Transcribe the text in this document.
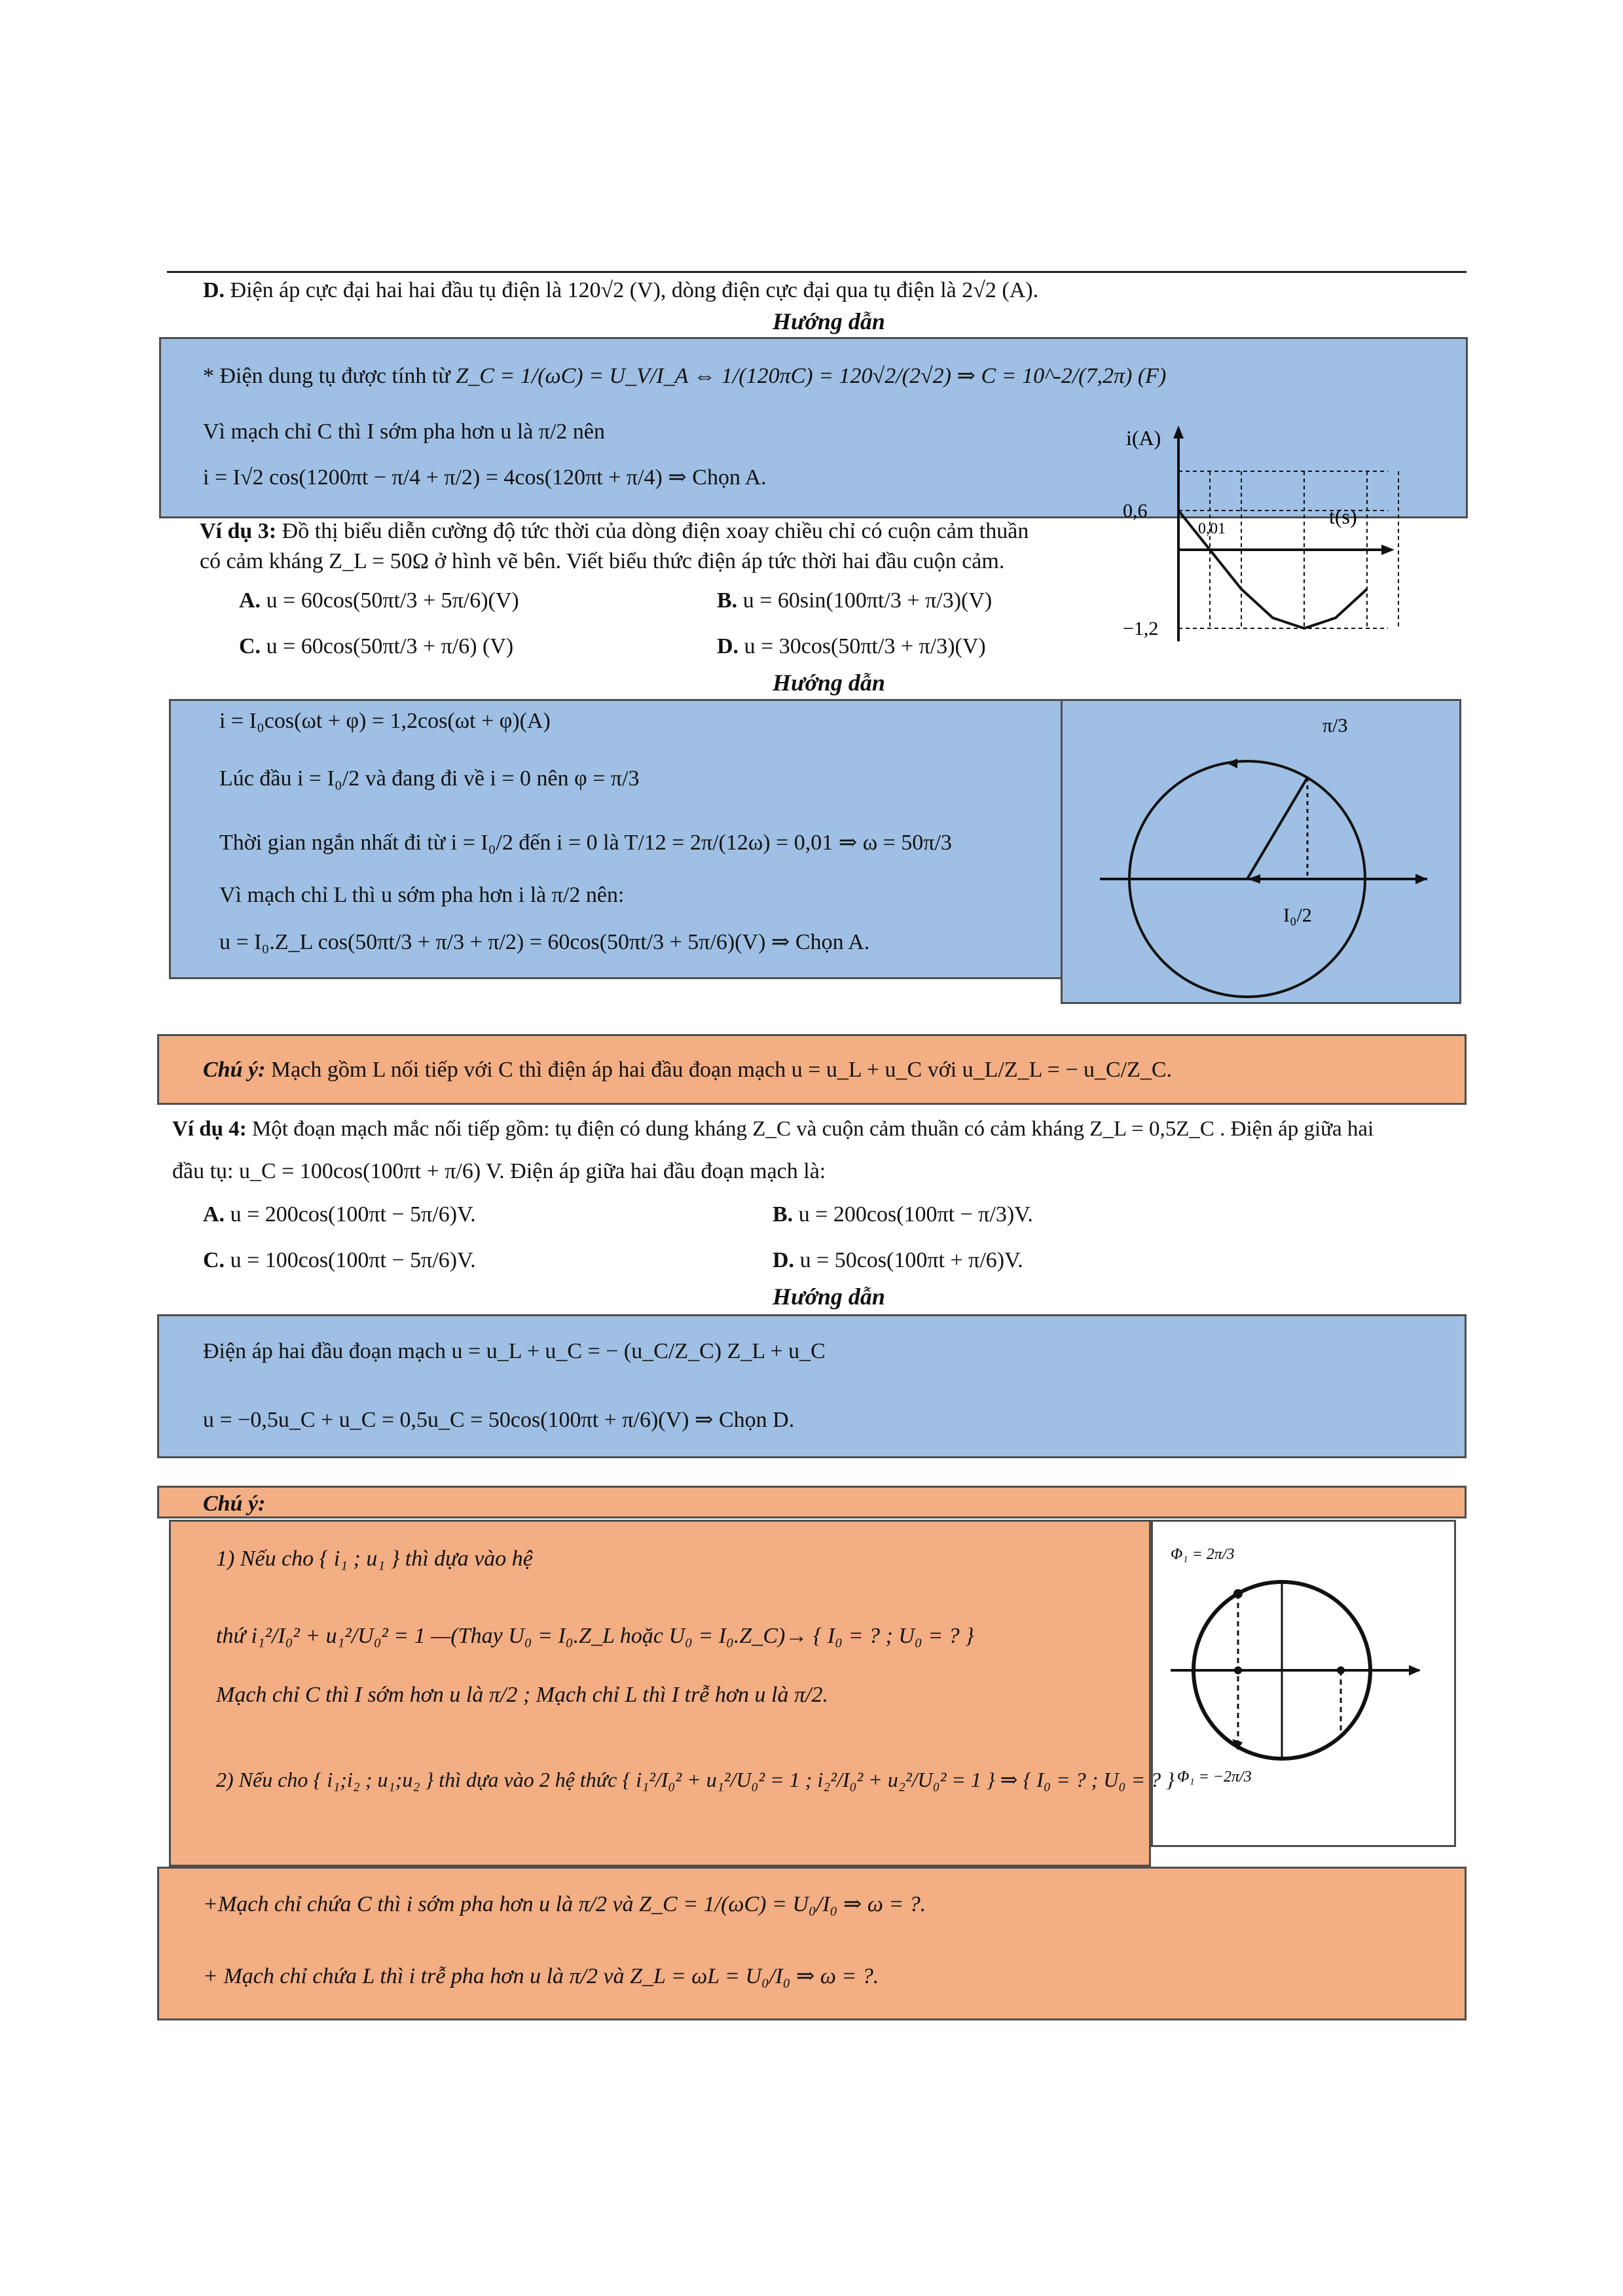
D. Điện áp cực đại hai hai đầu tụ điện là 120√2 (V), dòng điện cực đại qua tụ điện là 2√2 (A).
Hướng dẫn
* Điện dung tụ được tính từ Z_C = 1/(ωC) = U_V/I_A ⇔ 1/(120πC) = 120√2/(2√2) ⇒ C = 10^-2/(7,2π) (F)
Vì mạch chỉ C thì I sớm pha hơn u là π/2 nên
i = I√2 cos(1200πt − π/4 + π/2) = 4cos(120πt + π/4) ⇒ Chọn A.
Ví dụ 3: Đồ thị biểu diễn cường độ tức thời của dòng điện xoay chiều chỉ có cuộn cảm thuần
có cảm kháng Z_L = 50Ω ở hình vẽ bên. Viết biểu thức điện áp tức thời hai đầu cuộn cảm.
A. u = 60cos(50πt/3 + 5π/6)(V)	B. u = 60sin(100πt/3 + π/3)(V)
C. u = 60cos(50πt/3 + π/6) (V)	D. u = 30cos(50πt/3 + π/3)(V)
Hướng dẫn
0,6
−1,2
0,01
i(A)
t(s)
i = I₀cos(ωt + φ) = 1,2cos(ωt + φ)(A)
Lúc đầu i = I₀/2 và đang đi về i = 0 nên φ = π/3
Thời gian ngắn nhất đi từ i = I₀/2 đến i = 0 là T/12 = 2π/(12ω) = 0,01 ⇒ ω = 50π/3
Vì mạch chỉ L thì u sớm pha hơn i là π/2 nên:
u = I₀.Z_L cos(50πt/3 + π/3 + π/2) = 60cos(50πt/3 + 5π/6)(V) ⇒ Chọn A.
π/3
I₀/2
Chú ý: Mạch gồm L nối tiếp với C thì điện áp hai đầu đoạn mạch u = u_L + u_C với u_L/Z_L = − u_C/Z_C.
Ví dụ 4: Một đoạn mạch mắc nối tiếp gồm: tụ điện có dung kháng Z_C và cuộn cảm thuần có cảm kháng Z_L = 0,5Z_C . Điện áp giữa hai
đầu tụ: u_C = 100cos(100πt + π/6) V. Điện áp giữa hai đầu đoạn mạch là:
A. u = 200cos(100πt − 5π/6)V.	B. u = 200cos(100πt − π/3)V.
C. u = 100cos(100πt − 5π/6)V.	D. u = 50cos(100πt + π/6)V.
Hướng dẫn
Điện áp hai đầu đoạn mạch u = u_L + u_C = − (u_C/Z_C) Z_L + u_C
u = −0,5u_C + u_C = 0,5u_C = 50cos(100πt + π/6)(V) ⇒ Chọn D.
Chú ý:
1) Nếu cho { i₁ ; u₁ } thì dựa vào hệ
thứ i₁²/I₀² + u₁²/U₀² = 1 —(Thay U₀ = I₀.Z_L hoặc U₀ = I₀.Z_C)→ { I₀ = ? ; U₀ = ? }
Mạch chỉ C thì I sớm hơn u là π/2 ; Mạch chỉ L thì I trễ hơn u là π/2.
2) Nếu cho { i₁;i₂ ; u₁;u₂ } thì dựa vào 2 hệ thức { i₁²/I₀² + u₁²/U₀² = 1 ; i₂²/I₀² + u₂²/U₀² = 1 } ⇒ { I₀ = ? ; U₀ = ? }
Φ₁ = 2π/3
Φ₁ = −2π/3
+Mạch chỉ chứa C thì i sớm pha hơn u là π/2 và Z_C = 1/(ωC) = U₀/I₀ ⇒ ω = ?.
+ Mạch chỉ chứa L thì i trễ pha hơn u là π/2 và Z_L = ωL = U₀/I₀ ⇒ ω = ?.
